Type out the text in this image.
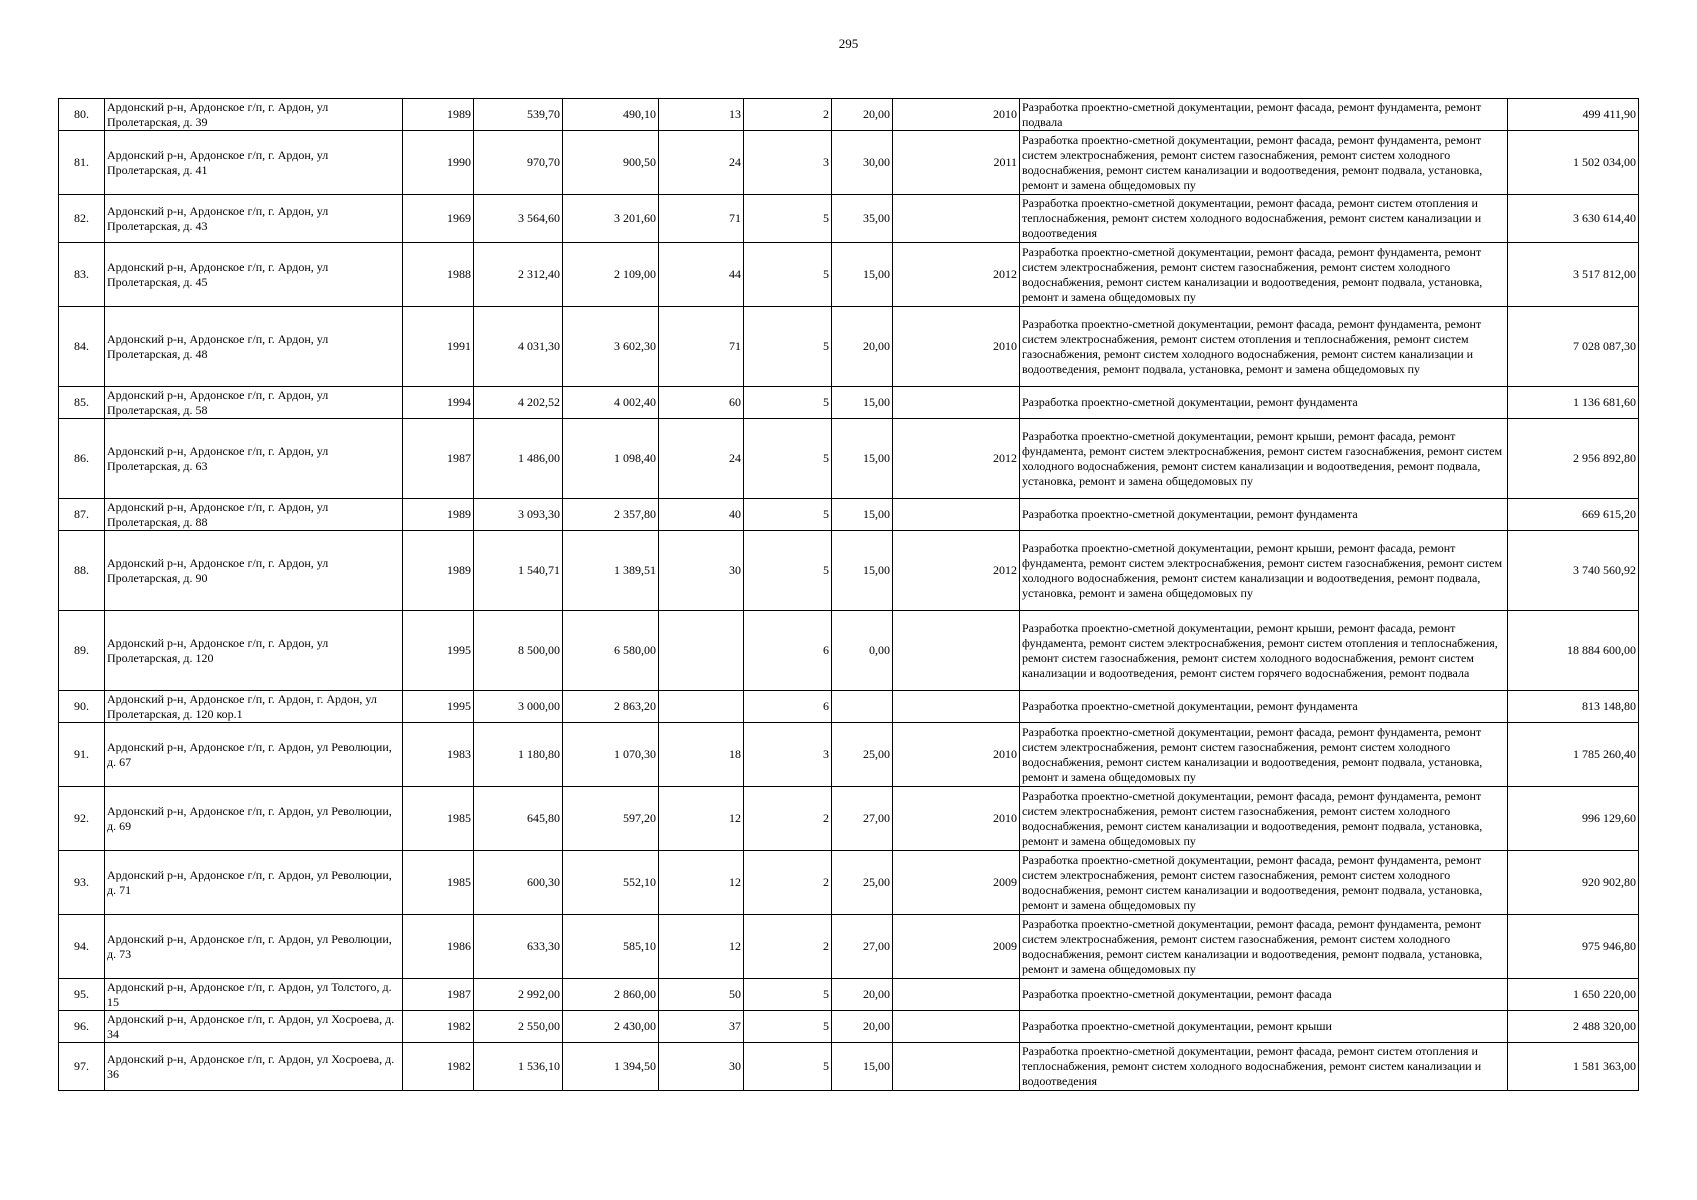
295
80.	Ардонский р-н, Ардонское г/п, г. Ардон, ул Пролетарская, д. 39	1989	539,70	490,10	13	2	20,00	2010	Разработка проектно-сметной документации, ремонт фасада, ремонт фундамента, ремонт подвала	499 411,90
81.	Ардонский р-н, Ардонское г/п, г. Ардон, ул Пролетарская, д. 41	1990	970,70	900,50	24	3	30,00	2011	Разработка проектно-сметной документации, ремонт фасада, ремонт фундамента, ремонт систем электроснабжения, ремонт систем газоснабжения, ремонт систем холодного водоснабжения, ремонт систем канализации и водоотведения, ремонт подвала, установка, ремонт и замена общедомовых пу	1 502 034,00
82.	Ардонский р-н, Ардонское г/п, г. Ардон, ул Пролетарская, д. 43	1969	3 564,60	3 201,60	71	5	35,00		Разработка проектно-сметной документации, ремонт фасада, ремонт систем отопления и теплоснабжения, ремонт систем холодного водоснабжения, ремонт систем канализации и водоотведения	3 630 614,40
83.	Ардонский р-н, Ардонское г/п, г. Ардон, ул Пролетарская, д. 45	1988	2 312,40	2 109,00	44	5	15,00	2012	Разработка проектно-сметной документации, ремонт фасада, ремонт фундамента, ремонт систем электроснабжения, ремонт систем газоснабжения, ремонт систем холодного водоснабжения, ремонт систем канализации и водоотведения, ремонт подвала, установка, ремонт и замена общедомовых пу	3 517 812,00
84.	Ардонский р-н, Ардонское г/п, г. Ардон, ул Пролетарская, д. 48	1991	4 031,30	3 602,30	71	5	20,00	2010	Разработка проектно-сметной документации, ремонт фасада, ремонт фундамента, ремонт систем электроснабжения, ремонт систем отопления и теплоснабжения, ремонт систем газоснабжения, ремонт систем холодного водоснабжения, ремонт систем канализации и водоотведения, ремонт подвала, установка, ремонт и замена общедомовых пу	7 028 087,30
85.	Ардонский р-н, Ардонское г/п, г. Ардон, ул Пролетарская, д. 58	1994	4 202,52	4 002,40	60	5	15,00		Разработка проектно-сметной документации, ремонт фундамента	1 136 681,60
86.	Ардонский р-н, Ардонское г/п, г. Ардон, ул Пролетарская, д. 63	1987	1 486,00	1 098,40	24	5	15,00	2012	Разработка проектно-сметной документации, ремонт крыши, ремонт фасада, ремонт фундамента, ремонт систем электроснабжения, ремонт систем газоснабжения, ремонт систем холодного водоснабжения, ремонт систем канализации и водоотведения, ремонт подвала, установка, ремонт и замена общедомовых пу	2 956 892,80
87.	Ардонский р-н, Ардонское г/п, г. Ардон, ул Пролетарская, д. 88	1989	3 093,30	2 357,80	40	5	15,00		Разработка проектно-сметной документации, ремонт фундамента	669 615,20
88.	Ардонский р-н, Ардонское г/п, г. Ардон, ул Пролетарская, д. 90	1989	1 540,71	1 389,51	30	5	15,00	2012	Разработка проектно-сметной документации, ремонт крыши, ремонт фасада, ремонт фундамента, ремонт систем электроснабжения, ремонт систем газоснабжения, ремонт систем холодного водоснабжения, ремонт систем канализации и водоотведения, ремонт подвала, установка, ремонт и замена общедомовых пу	3 740 560,92
89.	Ардонский р-н, Ардонское г/п, г. Ардон, ул Пролетарская, д. 120	1995	8 500,00	6 580,00		6	0,00		Разработка проектно-сметной документации, ремонт крыши, ремонт фасада, ремонт фундамента, ремонт систем электроснабжения, ремонт систем отопления и теплоснабжения, ремонт систем газоснабжения, ремонт систем холодного водоснабжения, ремонт систем канализации и водоотведения, ремонт систем горячего водоснабжения, ремонт подвала	18 884 600,00
90.	Ардонский р-н, Ардонское г/п, г. Ардон, г. Ардон, ул Пролетарская, д. 120 кор.1	1995	3 000,00	2 863,20		6			Разработка проектно-сметной документации, ремонт фундамента	813 148,80
91.	Ардонский р-н, Ардонское г/п, г. Ардон, ул Революции, д. 67	1983	1 180,80	1 070,30	18	3	25,00	2010	Разработка проектно-сметной документации, ремонт фасада, ремонт фундамента, ремонт систем электроснабжения, ремонт систем газоснабжения, ремонт систем холодного водоснабжения, ремонт систем канализации и водоотведения, ремонт подвала, установка, ремонт и замена общедомовых пу	1 785 260,40
92.	Ардонский р-н, Ардонское г/п, г. Ардон, ул Революции, д. 69	1985	645,80	597,20	12	2	27,00	2010	Разработка проектно-сметной документации, ремонт фасада, ремонт фундамента, ремонт систем электроснабжения, ремонт систем газоснабжения, ремонт систем холодного водоснабжения, ремонт систем канализации и водоотведения, ремонт подвала, установка, ремонт и замена общедомовых пу	996 129,60
93.	Ардонский р-н, Ардонское г/п, г. Ардон, ул Революции, д. 71	1985	600,30	552,10	12	2	25,00	2009	Разработка проектно-сметной документации, ремонт фасада, ремонт фундамента, ремонт систем электроснабжения, ремонт систем газоснабжения, ремонт систем холодного водоснабжения, ремонт систем канализации и водоотведения, ремонт подвала, установка, ремонт и замена общедомовых пу	920 902,80
94.	Ардонский р-н, Ардонское г/п, г. Ардон, ул Революции, д. 73	1986	633,30	585,10	12	2	27,00	2009	Разработка проектно-сметной документации, ремонт фасада, ремонт фундамента, ремонт систем электроснабжения, ремонт систем газоснабжения, ремонт систем холодного водоснабжения, ремонт систем канализации и водоотведения, ремонт подвала, установка, ремонт и замена общедомовых пу	975 946,80
95.	Ардонский р-н, Ардонское г/п, г. Ардон, ул Толстого, д. 15	1987	2 992,00	2 860,00	50	5	20,00		Разработка проектно-сметной документации, ремонт фасада	1 650 220,00
96.	Ардонский р-н, Ардонское г/п, г. Ардон, ул Хосроева, д. 34	1982	2 550,00	2 430,00	37	5	20,00		Разработка проектно-сметной документации, ремонт крыши	2 488 320,00
97.	Ардонский р-н, Ардонское г/п, г. Ардон, ул Хосроева, д. 36	1982	1 536,10	1 394,50	30	5	15,00		Разработка проектно-сметной документации, ремонт фасада, ремонт систем отопления и теплоснабжения, ремонт систем холодного водоснабжения, ремонт систем канализации и водоотведения	1 581 363,00
